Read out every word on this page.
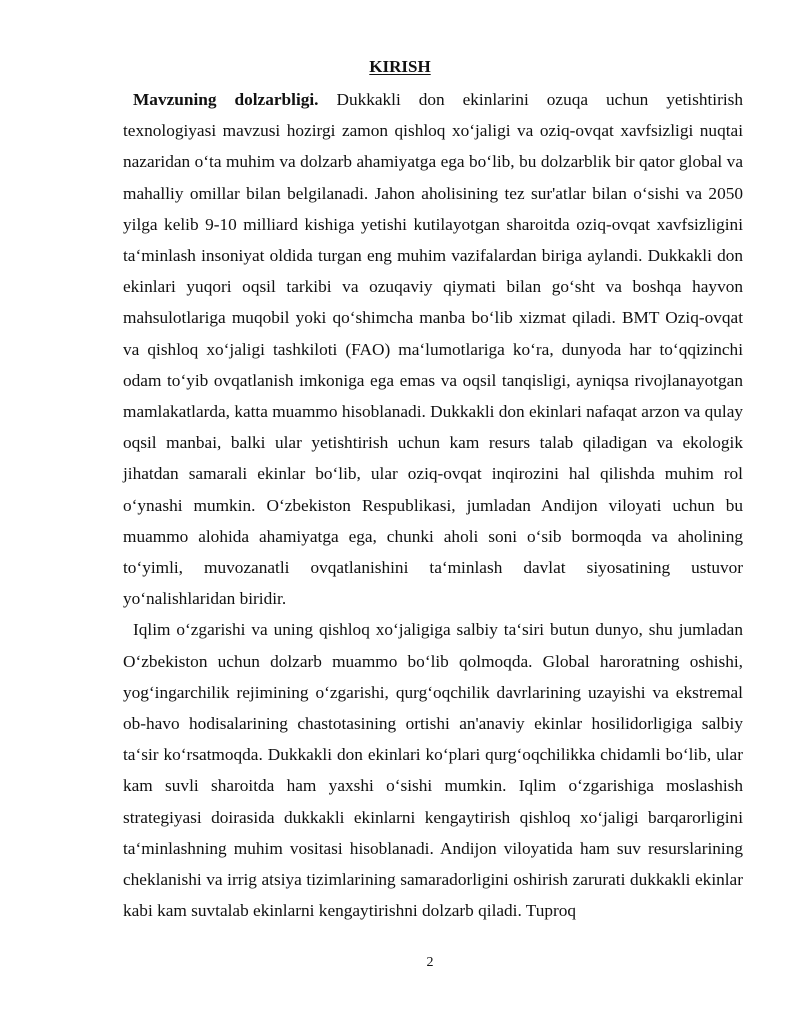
KIRISH

Mavzuning dolzarbligi. Dukkakli don ekinlarini ozuqa uchun yetishtirish texnologiyasi mavzusi hozirgi zamon qishloq xo‘jaligi va oziq-ovqat xavfsizligi nuqtai nazaridan o‘ta muhim va dolzarb ahamiyatga ega bo‘lib, bu dolzarblik bir qator global va mahalliy omillar bilan belgilanadi. Jahon aholisining tez sur'atlar bilan o‘sishi va 2050 yilga kelib 9-10 milliard kishiga yetishi kutilayotgan sharoitda oziq-ovqat xavfsizligini ta‘minlash insoniyat oldida turgan eng muhim vazifalardan biriga aylandi. Dukkakli don ekinlari yuqori oqsil tarkibi va ozuqaviy qiymati bilan go‘sht va boshqa hayvon mahsulotlariga muqobil yoki qo‘shimcha manba bo‘lib xizmat qiladi. BMT Oziq-ovqat va qishloq xo‘jaligi tashkiloti (FAO) ma‘lumotlariga ko‘ra, dunyoda har to‘qqizinchi odam to‘yib ovqatlanish imkoniga ega emas va oqsil tanqisligi, ayniqsa rivojlanayotgan mamlakatlarda, katta muammo hisoblanadi. Dukkakli don ekinlari nafaqat arzon va qulay oqsil manbai, balki ular yetishtirish uchun kam resurs talab qiladigan va ekologik jihatdan samarali ekinlar bo‘lib, ular oziq-ovqat inqirozini hal qilishda muhim rol o‘ynashi mumkin. O‘zbekiston Respublikasi, jumladan Andijon viloyati uchun bu muammo alohida ahamiyatga ega, chunki aholi soni o‘sib bormoqda va aholining to‘yimli, muvozanatli ovqatlanishini ta‘minlash davlat siyosatining ustuvor yo‘nalishlaridan biridir.

Iqlim o‘zgarishi va uning qishloq xo‘jaligiga salbiy ta‘siri butun dunyo, shu jumladan O‘zbekiston uchun dolzarb muammo bo‘lib qolmoqda. Global haroratning oshishi, yog‘ingarchilik rejimining o‘zgarishi, qurg‘oqchilik davrlarining uzayishi va ekstremal ob-havo hodisalarining chastotasining ortishi an'anaviy ekinlar hosilidorligiga salbiy ta‘sir ko‘rsatmoqda. Dukkakli don ekinlari ko‘plari qurg‘oqchilikka chidamli bo‘lib, ular kam suvli sharoitda ham yaxshi o‘sishi mumkin. Iqlim o‘zgarishiga moslashish strategiyasi doirasida dukkakli ekinlarni kengaytirish qishloq xo‘jaligi barqarorligini ta‘minlashning muhim vositasi hisoblanadi. Andijon viloyatida ham suv resurslarining cheklanishi va irrig atsiya tizimlarining samaradorligini oshirish zarurati dukkakli ekinlar kabi kam suvtalab ekinlarni kengaytirishni dolzarb qiladi. Tuproq

2
